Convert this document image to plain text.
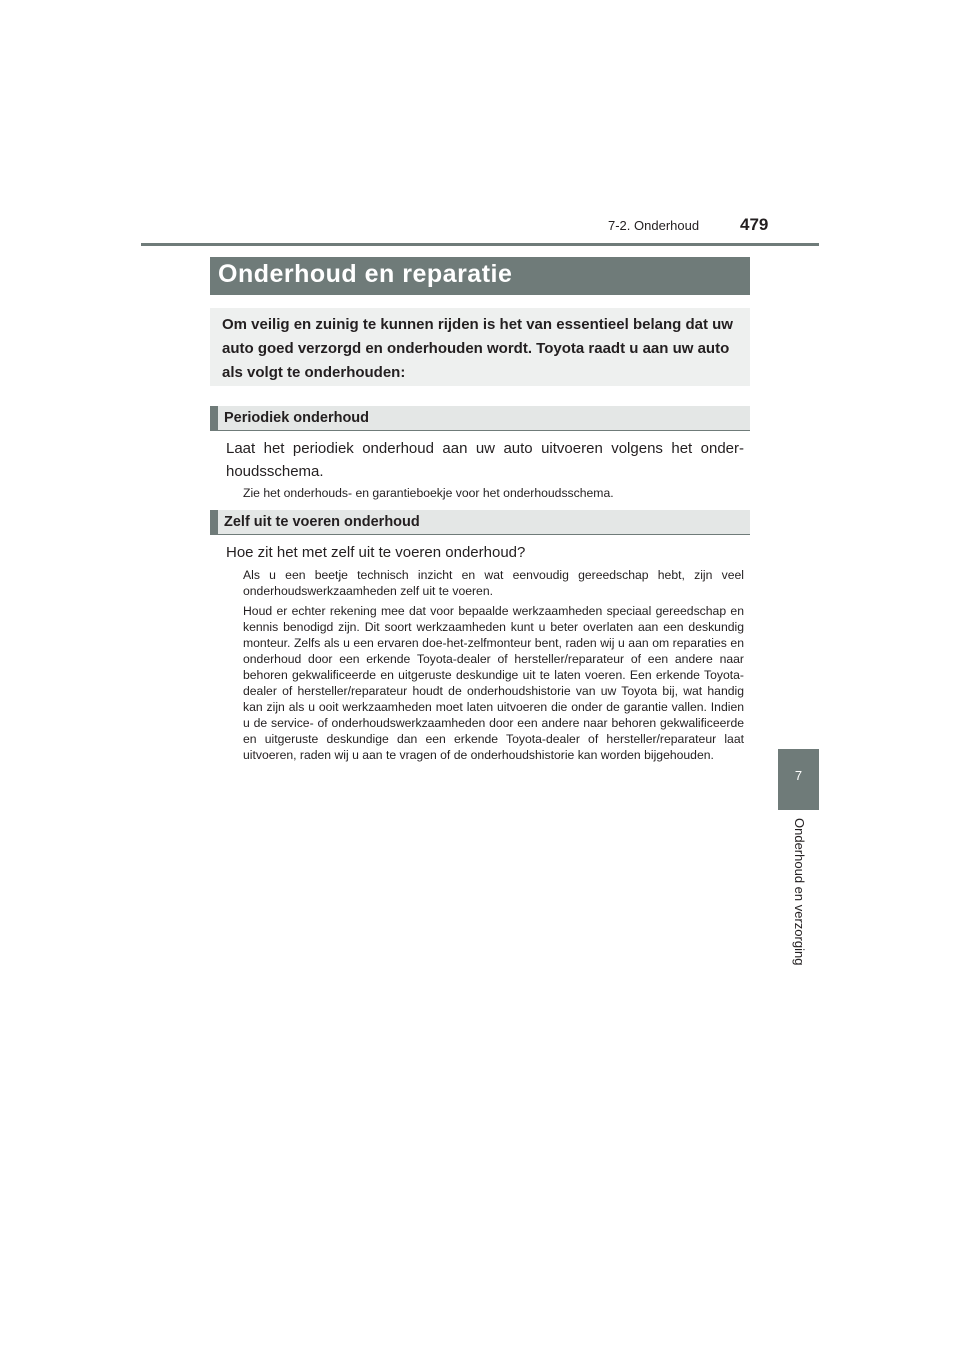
7-2. Onderhoud 479
7
Onderhoud en verzorging
Onderhoud en reparatie
Om veilig en zuinig te kunnen rijden is het van essentieel belang dat uw auto goed verzorgd en onderhouden wordt. Toyota raadt u aan uw auto als volgt te onderhouden:
Periodiek onderhoud
Laat het periodiek onderhoud aan uw auto uitvoeren volgens het onder-houdsschema.
Zie het onderhouds- en garantieboekje voor het onderhoudsschema.
Zelf uit te voeren onderhoud
Hoe zit het met zelf uit te voeren onderhoud?
Als u een beetje technisch inzicht en wat eenvoudig gereedschap hebt, zijn veel onderhoudswerkzaamheden zelf uit te voeren.
Houd er echter rekening mee dat voor bepaalde werkzaamheden speciaal gereedschap en kennis benodigd zijn. Dit soort werkzaamheden kunt u beter overlaten aan een deskundig monteur. Zelfs als u een ervaren doe-het-zelfmonteur bent, raden wij u aan om reparaties en onderhoud door een erkende Toyota-dealer of hersteller/reparateur of een andere naar behoren gekwalificeerde en uitgeruste deskundige uit te laten voeren. Een erkende Toyota-dealer of hersteller/reparateur houdt de onderhoudshistorie van uw Toyota bij, wat handig kan zijn als u ooit werkzaamheden moet laten uitvoeren die onder de garantie vallen. Indien u de service- of onderhoudswerkzaamheden door een andere naar behoren gekwalificeerde en uitgeruste deskundige dan een erkende Toyota-dealer of hersteller/reparateur laat uitvoeren, raden wij u aan te vragen of de onderhoudshistorie kan worden bijgehouden.
